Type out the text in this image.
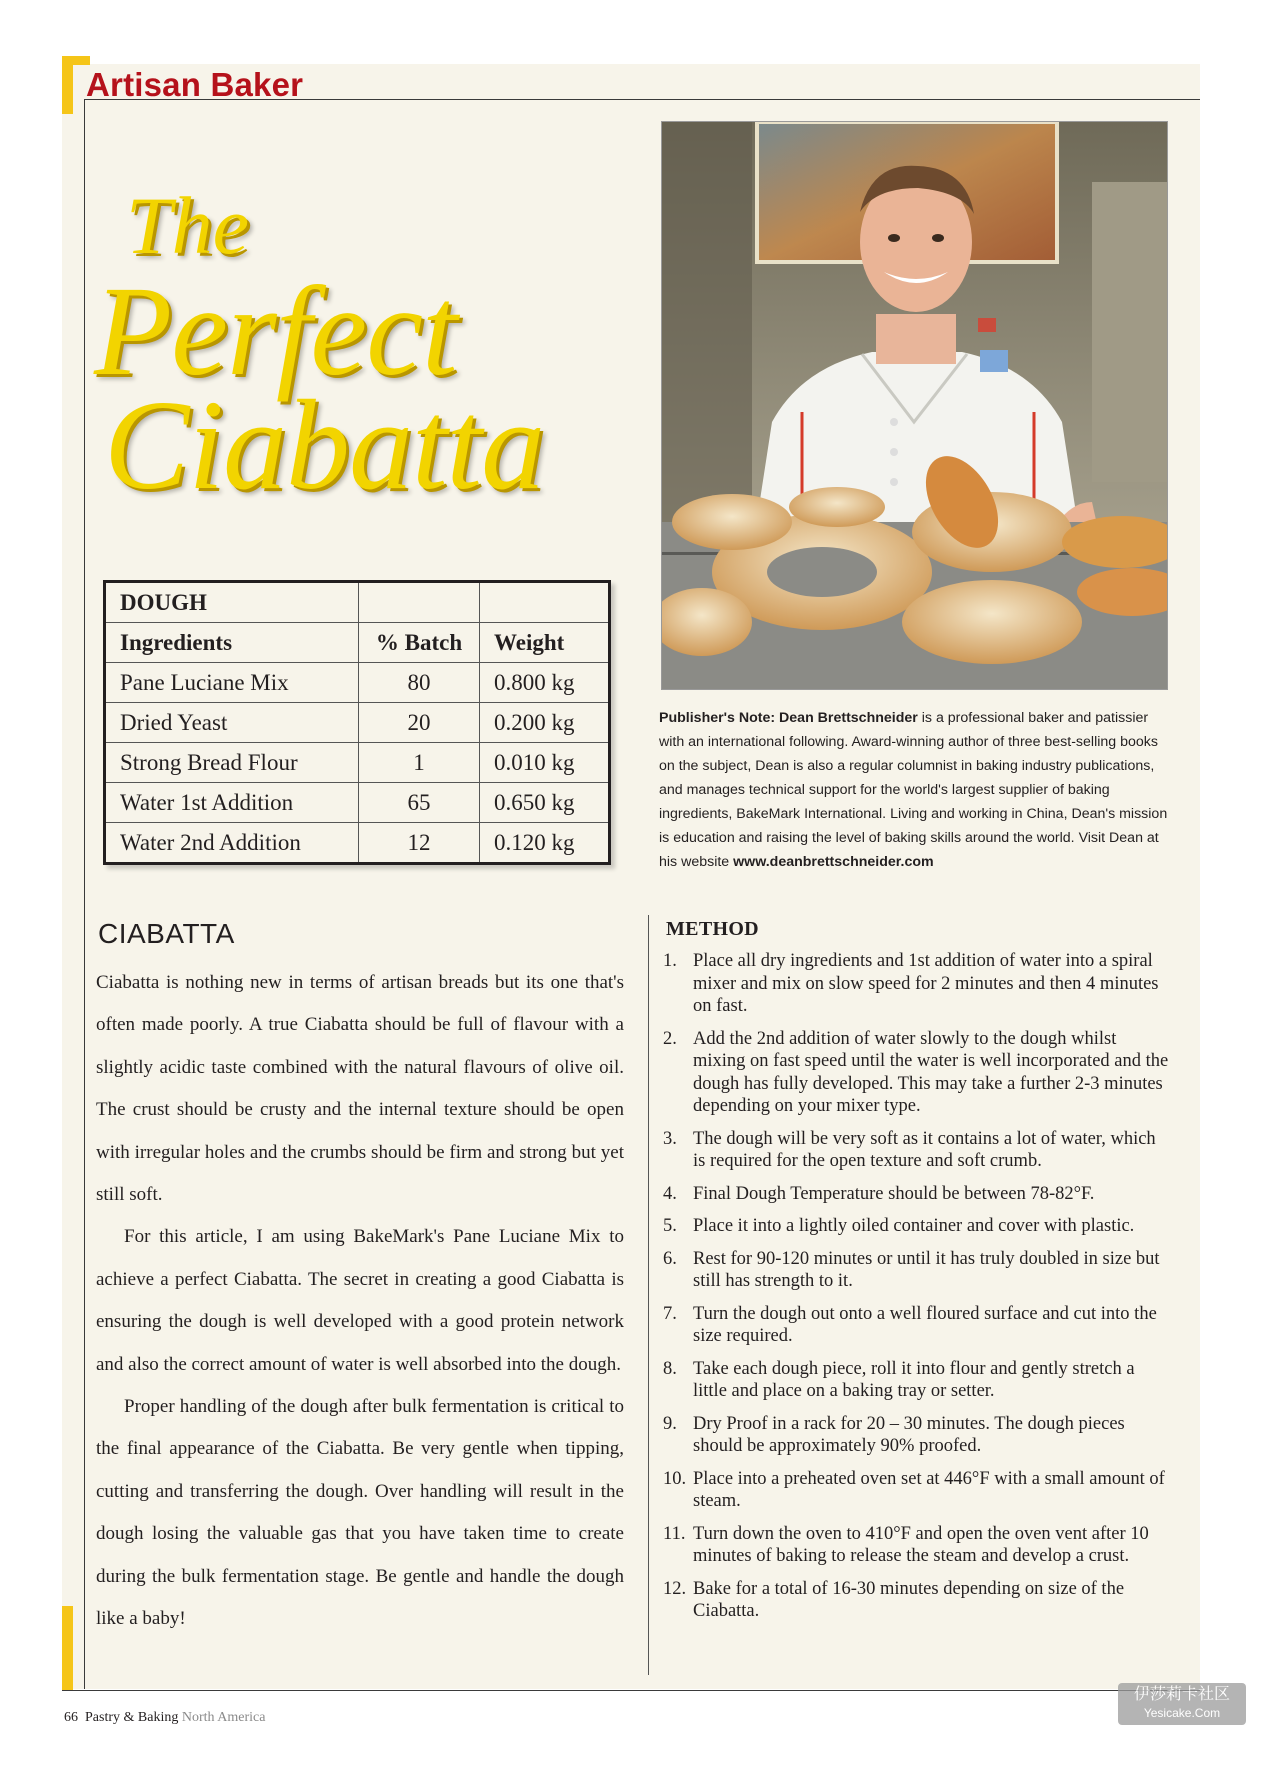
Artisan Baker
The
Perfect
Ciabatta
DOUGH		
Ingredients	% Batch	Weight
Pane Luciane Mix	80	0.800 kg
Dried Yeast	20	0.200 kg
Strong Bread Flour	1	0.010 kg
Water 1st Addition	65	0.650 kg
Water 2nd Addition	12	0.120 kg

Publisher's Note: Dean Brettschneider is a professional baker and patissier with an international following. Award-winning author of three best-selling books on the subject, Dean is also a regular columnist in baking industry publications, and manages technical support for the world's largest supplier of baking ingredients, BakeMark International. Living and working in China, Dean's mission is education and raising the level of baking skills around the world. Visit Dean at his website www.deanbrettschneider.com

CIABATTA

Ciabatta is nothing new in terms of artisan breads but its one that's often made poorly. A true Ciabatta should be full of flavour with a slightly acidic taste combined with the natural flavours of olive oil. The crust should be crusty and the internal texture should be open with irregular holes and the crumbs should be firm and strong but yet still soft.

For this article, I am using BakeMark's Pane Luciane Mix to achieve a perfect Ciabatta. The secret in creating a good Ciabatta is ensuring the dough is well developed with a good protein network and also the correct amount of water is well absorbed into the dough.

Proper handling of the dough after bulk fermentation is critical to the final appearance of the Ciabatta. Be very gentle when tipping, cutting and transferring the dough. Over handling will result in the dough losing the valuable gas that you have taken time to create during the bulk fermentation stage. Be gentle and handle the dough like a baby!

METHOD
1. Place all dry ingredients and 1st addition of water into a spiral mixer and mix on slow speed for 2 minutes and then 4 minutes on fast.
2. Add the 2nd addition of water slowly to the dough whilst mixing on fast speed until the water is well incorporated and the dough has fully developed. This may take a further 2-3 minutes depending on your mixer type.
3. The dough will be very soft as it contains a lot of water, which is required for the open texture and soft crumb.
4. Final Dough Temperature should be between 78-82°F.
5. Place it into a lightly oiled container and cover with plastic.
6. Rest for 90-120 minutes or until it has truly doubled in size but still has strength to it.
7. Turn the dough out onto a well floured surface and cut into the size required.
8. Take each dough piece, roll it into flour and gently stretch a little and place on a baking tray or setter.
9. Dry Proof in a rack for 20 – 30 minutes. The dough pieces should be approximately 90% proofed.
10. Place into a preheated oven set at 446°F with a small amount of steam.
11. Turn down the oven to 410°F and open the oven vent after 10 minutes of baking to release the steam and develop a crust.
12. Bake for a total of 16-30 minutes depending on size of the Ciabatta.
66 Pastry & Baking North America
伊莎莉卡社区
Yesicake.Com
